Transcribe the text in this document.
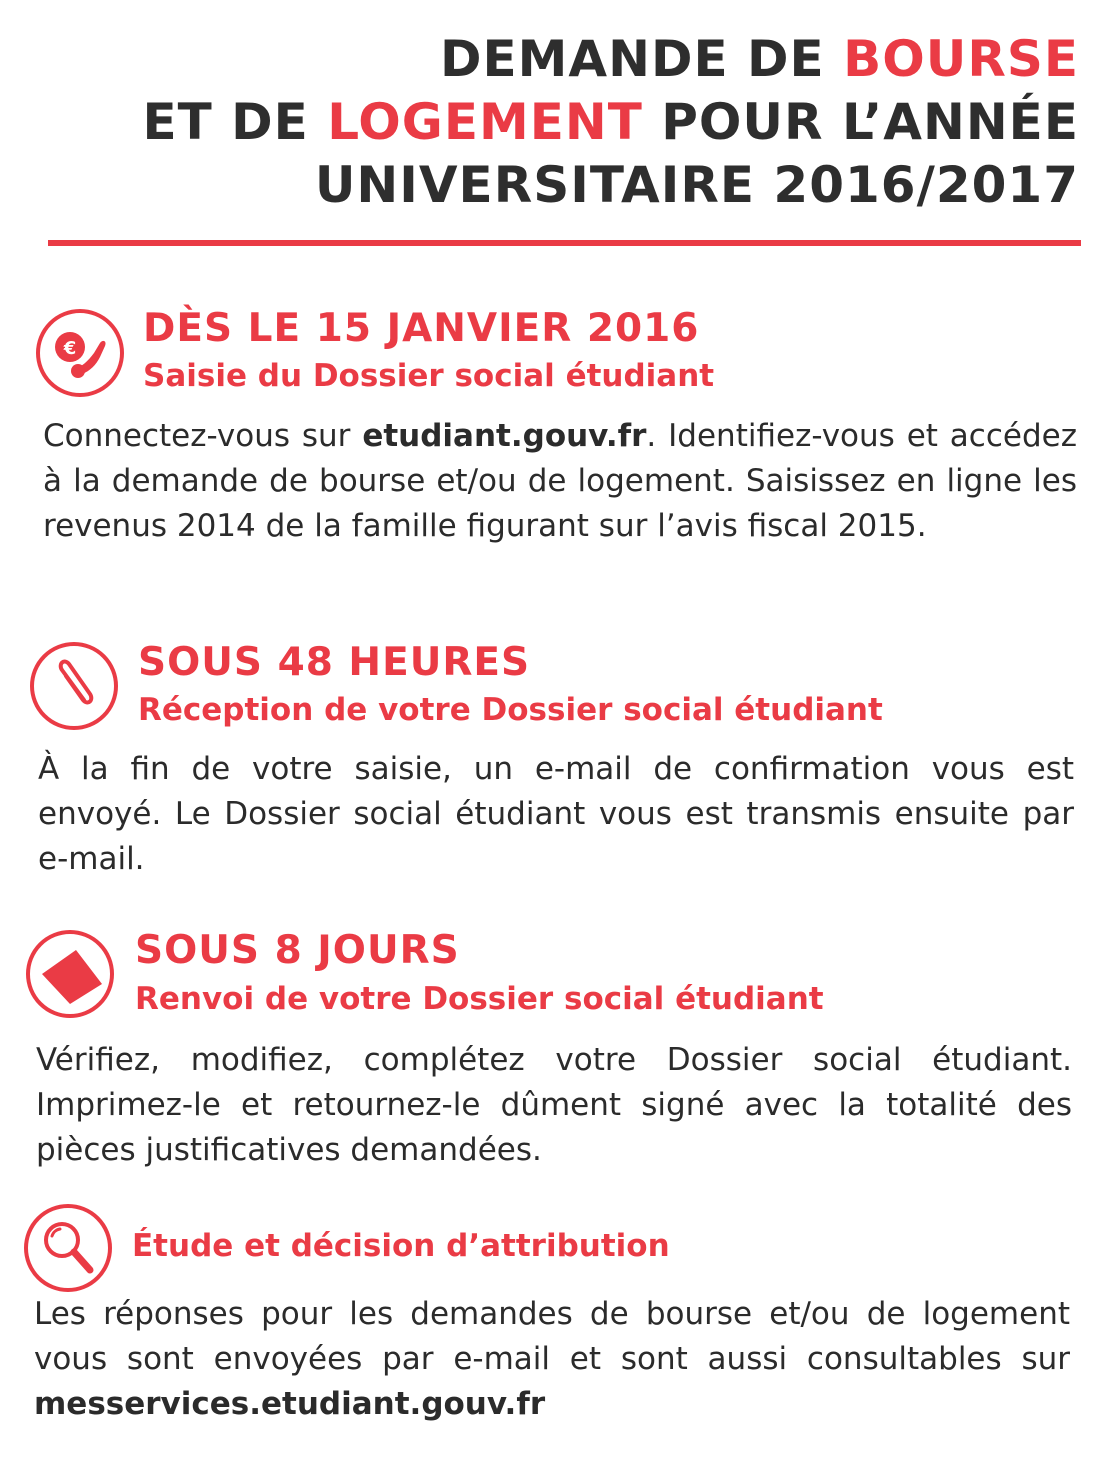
DEMANDE DE BOURSE
ET DE LOGEMENT POUR L’ANNÉE
UNIVERSITAIRE 2016/2017
€ DÈS LE 15 JANVIER 2016
Saisie du Dossier social étudiant

Connectez-vous sur etudiant.gouv.fr. Identifiez-vous et accédez à la demande de bourse et/ou de logement. Saisissez en ligne les revenus 2014 de la famille figurant sur l’avis fiscal 2015.

SOUS 48 HEURES
Réception de votre Dossier social étudiant

À la fin de votre saisie, un e-mail de confirmation vous est envoyé. Le Dossier social étudiant vous est transmis ensuite par e-mail.

SOUS 8 JOURS
Renvoi de votre Dossier social étudiant

Vérifiez, modifiez, complétez votre Dossier social étudiant. Imprimez-le et retournez-le dûment signé avec la totalité des pièces justificatives demandées.

Étude et décision d’attribution

Les réponses pour les demandes de bourse et/ou de logement vous sont envoyées par e-mail et sont aussi consultables sur messervices.etudiant.gouv.fr
